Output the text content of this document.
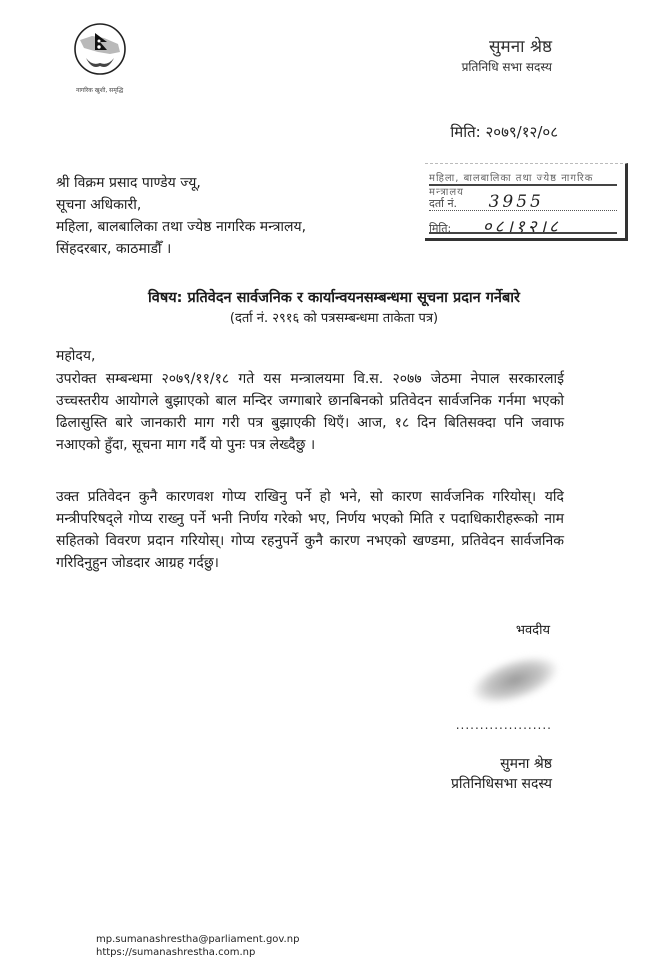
नागरिक खुशी, समृद्धि
सुमना श्रेष्ठ
प्रतिनिधि सभा सदस्य
मिति: २०७९/१२/०८
श्री विक्रम प्रसाद पाण्डेय ज्यू,
सूचना अधिकारी,
महिला, बालबालिका तथा ज्येष्ठ नागरिक मन्त्रालय,
सिंहदरबार, काठमाडौँ ।
महिला, बालबालिका तथा ज्येष्ठ नागरिक मन्त्रालय
दर्ता नं. 3955
मिति: ०८।१२।८
विषय: प्रतिवेदन सार्वजनिक र कार्यान्वयनसम्बन्धमा सूचना प्रदान गर्नेबारे
(दर्ता नं. २९१६ को पत्रसम्बन्धमा ताकेता पत्र)
महोदय,
उपरोक्त सम्बन्धमा २०७९/११/१८ गते यस मन्त्रालयमा वि.स. २०७७ जेठमा नेपाल सरकारलाई उच्चस्तरीय आयोगले बुझाएको बाल मन्दिर जग्गाबारे छानबिनको प्रतिवेदन सार्वजनिक गर्नमा भएको ढिलासुस्ति बारे जानकारी माग गरी पत्र बुझाएकी थिएँ। आज, १८ दिन बितिसक्दा पनि जवाफ नआएको हुँदा, सूचना माग गर्दै यो पुनः पत्र लेख्दैछु ।
उक्त प्रतिवेदन कुनै कारणवश गोप्य राखिनु पर्ने हो भने, सो कारण सार्वजनिक गरियोस्। यदि मन्त्रीपरिषद्ले गोप्य राख्नु पर्ने भनी निर्णय गरेको भए, निर्णय भएको मिति र पदाधिकारीहरूको नाम सहितको विवरण प्रदान गरियोस्। गोप्य रहनुपर्ने कुनै कारण नभएको खण्डमा, प्रतिवेदन सार्वजनिक गरिदिनुहुन जोडदार आग्रह गर्दछु।
भवदीय
....................
सुमना श्रेष्ठ
प्रतिनिधिसभा सदस्य
mp.sumanashrestha@parliament.gov.np
https://sumanashrestha.com.np
